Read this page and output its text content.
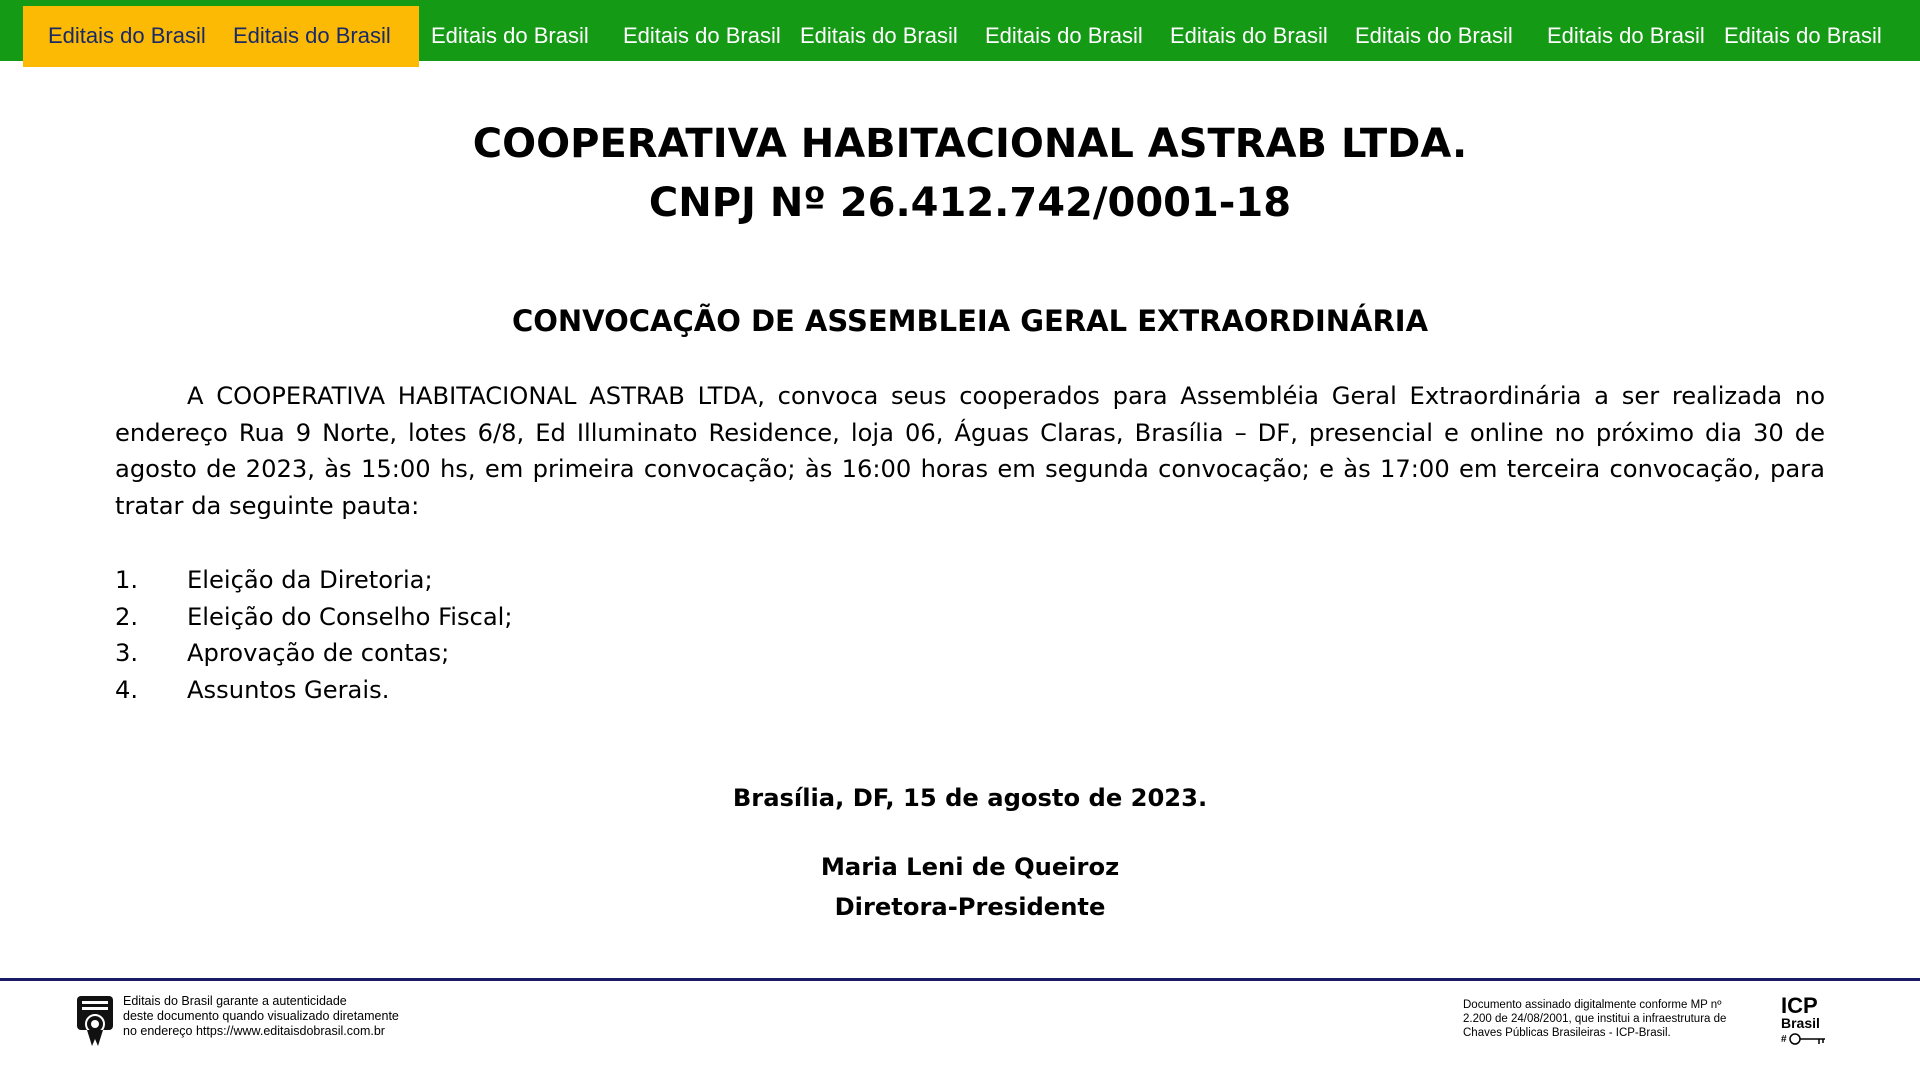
Editais do Brasil Editais do Brasil Editais do Brasil Editais do Brasil Editais do Brasil Editais do Brasil Editais do Brasil Editais do Brasil Editais do Brasil Editais do Brasil
COOPERATIVA HABITACIONAL ASTRAB LTDA.
CNPJ Nº 26.412.742/0001-18
CONVOCAÇÃO DE ASSEMBLEIA GERAL EXTRAORDINÁRIA

A COOPERATIVA HABITACIONAL ASTRAB LTDA, convoca seus cooperados para Assembléia Geral Extraordinária a ser realizada no endereço Rua 9 Norte, lotes 6/8, Ed Illuminato Residence, loja 06, Águas Claras, Brasília – DF, presencial e online no próximo dia 30 de agosto de 2023, às 15:00 hs, em primeira convocação; às 16:00 horas em segunda convocação; e às 17:00 em terceira convocação, para tratar da seguinte pauta:

1.	Eleição da Diretoria;
2.	Eleição do Conselho Fiscal;
3.	Aprovação de contas;
4.	Assuntos Gerais.
Brasília, DF, 15 de agosto de 2023.
Maria Leni de Queiroz
Diretora-Presidente
Editais do Brasil garante a autenticidade
deste documento quando visualizado diretamente
no endereço https://www.editaisdobrasil.com.br
Documento assinado digitalmente conforme MP nº
2.200 de 24/08/2001, que institui a infraestrutura de
Chaves Públicas Brasileiras - ICP-Brasil.
ICP
Brasil
#
